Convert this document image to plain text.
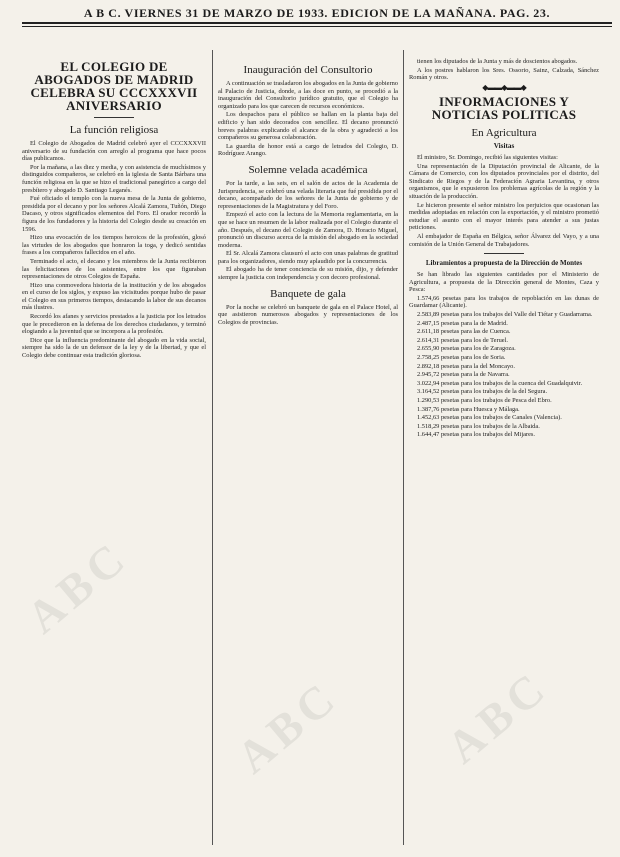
A B C. VIERNES 31 DE MARZO DE 1933. EDICION DE LA MAÑANA. PAG. 23.
EL COLEGIO DE ABOGADOS DE MADRID CELEBRA SU CCCXXXVII ANIVERSARIO
La función religiosa

El Colegio de Abogados de Madrid celebró ayer el CCCXXXVII aniversario de su fundación con arreglo al programa que hace pocos días publicamos.

Por la mañana, a las diez y media, y con asistencia de muchísimos y distinguidos compañeros, se celebró en la iglesia de Santa Bárbara una función religiosa en la que se hizo el tradicional panegírico a cargo del presbítero y abogado D. Santiago Leganés.

Fué oficiado el templo con la nueva mesa de la Junta de gobierno, presidida por el decano y por los señores Alcalá Zamora, Tuñón, Diego Dacaso, y otros significados elementos del Foro. El orador recordó la figura de los fundadores y la historia del Colegio desde su creación en 1596.

Hizo una evocación de los tiempos heroicos de la profesión, glosó las virtudes de los abogados que honraron la toga, y dedicó sentidas frases a los compañeros fallecidos en el año.

Terminado el acto, el decano y los miembros de la Junta recibieron las felicitaciones de los asistentes, entre los que figuraban representaciones de otros Colegios de España.

Hizo una conmovedora historia de la institución y de los abogados en el curso de los siglos, y expuso las vicisitudes porque hubo de pasar el Colegio en sus primeros tiempos, destacando la labor de sus decanos más ilustres.

Recordó los afanes y servicios prestados a la justicia por los letrados que le precedieron en la defensa de los derechos ciudadanos, y terminó elogiando a la juventud que se incorpora a la profesión.

Dice que la influencia predominante del abogado en la vida social, siempre ha sido la de un defensor de la ley y de la libertad, y que el Colegio debe continuar esta tradición gloriosa.

Inauguración del Consultorio

A continuación se trasladaron los abogados en la Junta de gobierno al Palacio de Justicia, donde, a las doce en punto, se procedió a la inauguración del Consultorio jurídico gratuito, que el Colegio ha organizado para los que carecen de recursos económicos.

Los despachos para el público se hallan en la planta baja del edificio y han sido decorados con sencillez. El decano pronunció breves palabras explicando el alcance de la obra y agradeció a los compañeros su generosa colaboración.

La guardia de honor está a cargo de letrados del Colegio, D. Rodríguez Arango.

Solemne velada académica

Por la tarde, a las seis, en el salón de actos de la Academia de Jurisprudencia, se celebró una velada literaria que fué presidida por el decano, acompañado de los señores de la Junta de gobierno y de representaciones de la Magistratura y del Foro.

Empezó el acto con la lectura de la Memoria reglamentaria, en la que se hace un resumen de la labor realizada por el Colegio durante el año. Después, el decano del Colegio de Zamora, D. Horacio Miguel, pronunció un discurso acerca de la misión del abogado en la sociedad moderna.

El Sr. Alcalá Zamora clausuró el acto con unas palabras de gratitud para los organizadores, siendo muy aplaudido por la concurrencia.

El abogado ha de tener conciencia de su misión, dijo, y defender siempre la justicia con independencia y con decoro profesional.

Banquete de gala

Por la noche se celebró un banquete de gala en el Palace Hotel, al que asistieron numerosos abogados y representaciones de los Colegios de provincias.

tienen los diputados de la Junta y más de doscientos abogados.

A los postres hablaron los Sres. Ossorio, Sainz, Calzada, Sánchez Román y otros.

◆▬▬◆▬▬◆
INFORMACIONES Y NOTICIAS POLITICAS
En Agricultura
Visitas

El ministro, Sr. Domingo, recibió las siguientes visitas:

Una representación de la Diputación provincial de Alicante, de la Cámara de Comercio, con los diputados provinciales por el distrito, del Sindicato de Riegos y de la Federación Agraria Levantina, y otros organismos, que le expusieron los problemas agrícolas de la región y la situación de la producción.

Le hicieron presente el señor ministro los perjuicios que ocasionan las medidas adoptadas en relación con la exportación, y el ministro prometió estudiar el asunto con el mayor interés para atender a sus justas peticiones.

Al embajador de España en Bélgica, señor Álvarez del Vayo, y a una comisión de la Unión General de Trabajadores.

Libramientos a propuesta de la Dirección de Montes

Se han librado las siguientes cantidades por el Ministerio de Agricultura, a propuesta de la Dirección general de Montes, Caza y Pesca:

1.574,66 pesetas para los trabajos de repoblación en las dunas de Guardamar (Alicante).

2.583,89 pesetas para los trabajos del Valle del Tiétar y Guadarrama.

2.487,15 pesetas para la de Madrid.

2.611,18 pesetas para las de Cuenca.

2.614,31 pesetas para los de Teruel.

2.655,90 pesetas para los de Zaragoza.

2.758,25 pesetas para los de Soria.

2.892,18 pesetas para la del Moncayo.

2.945,72 pesetas para la de Navarra.

3.022,94 pesetas para los trabajos de la cuenca del Guadalquivir.

3.164,52 pesetas para los trabajos de la del Segura.

1.290,53 pesetas para los trabajos de Pesca del Ebro.

1.387,76 pesetas para Huesca y Málaga.

1.452,63 pesetas para los trabajos de Canales (Valencia).

1.518,29 pesetas para los trabajos de la Albaida.

1.644,47 pesetas para los trabajos del Mijares.

ABC
ABC ABC
